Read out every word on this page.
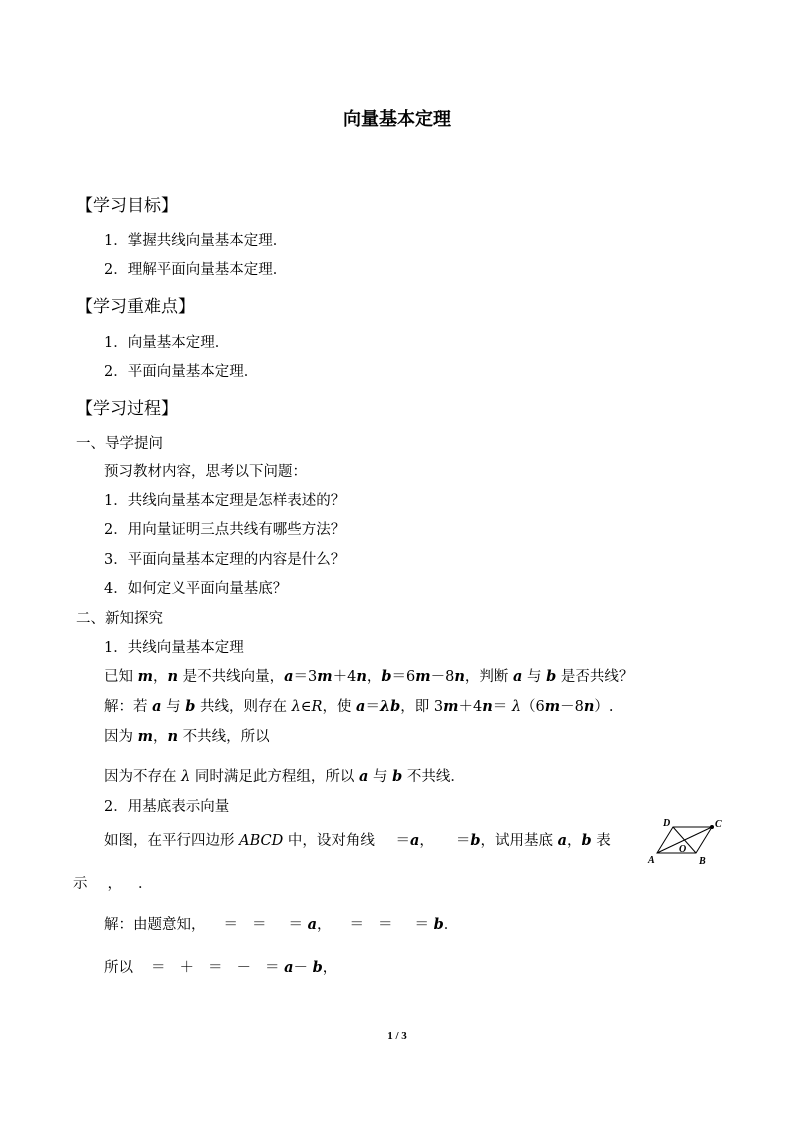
向量基本定理
【学习目标】
1．掌握共线向量基本定理．
2．理解平面向量基本定理．
【学习重难点】
1．向量基本定理．
2．平面向量基本定理．
【学习过程】
一、导学提问
预习教材内容，思考以下问题：
1．共线向量基本定理是怎样表述的？
2．用向量证明三点共线有哪些方法？
3．平面向量基本定理的内容是什么？
4．如何定义平面向量基底？
二、新知探究
1．共线向量基本定理
已知 m，n 是不共线向量，a＝3m＋4n，b＝6m－8n，判断 a 与 b 是否共线？
解：若 a 与 b 共线，则存在 λ∈R，使 a＝λb，即 3m＋4n＝ λ（6m－8n）.
因为 m，n 不共线，所以
因为不存在 λ 同时满足此方程组，所以 a 与 b 不共线．
2．用基底表示向量
如图，在平行四边形 ABCD 中，设对角线 ＝a， ＝b，试用基底 a，b 表
示 ， ．
解：由题意知， ＝ ＝ ＝ a， ＝ ＝ ＝ b．
所以 ＝ ＋ ＝ － ＝ a－ b，
A	B
C
D
O
1 / 3
